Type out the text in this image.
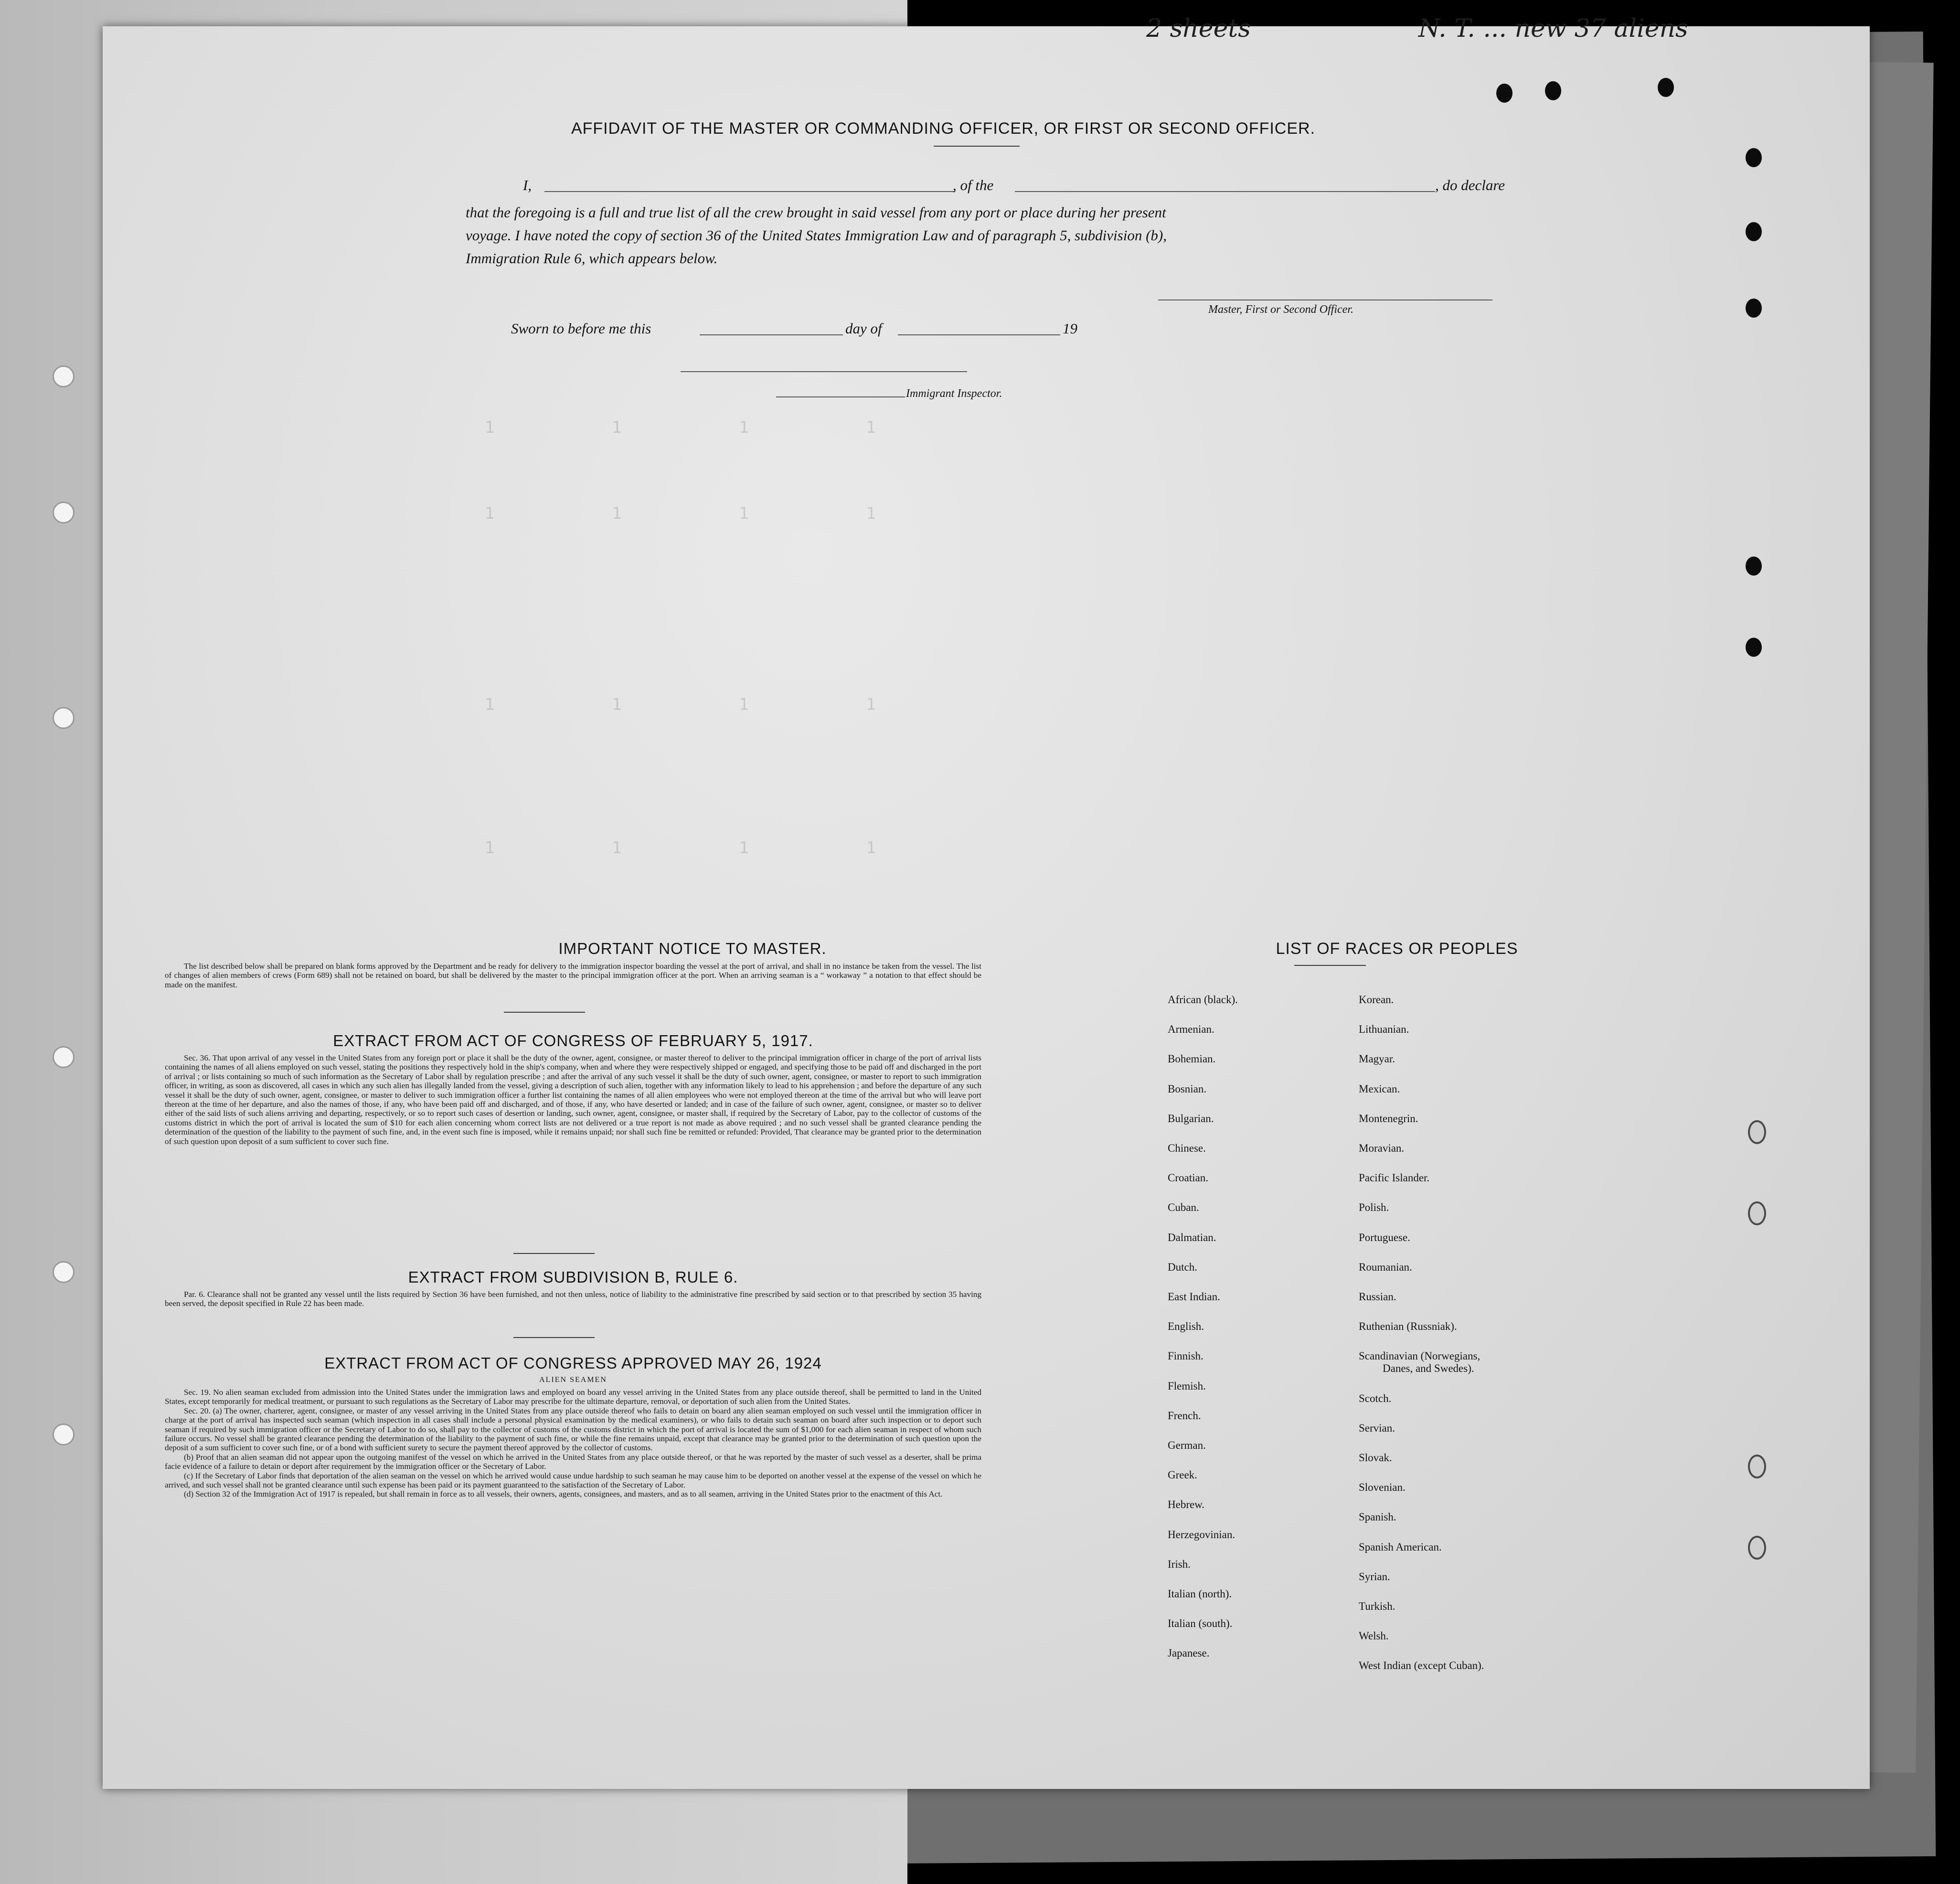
1            1            1            1
1            1            1            1
1            1            1            1
1            1            1            1
AFFIDAVIT OF THE MASTER OR COMMANDING OFFICER, OR FIRST OR SECOND OFFICER.
I,	, of the	, do declare
that the foregoing is a full and true list of all the crew brought in said vessel from any port or place during her present
voyage. I have noted the copy of section 36 of the United States Immigration Law and of paragraph 5, subdivision (b),
Immigration Rule 6, which appears below.
Master, First or Second Officer.
Sworn to before me this	day of	19
Immigrant Inspector.
IMPORTANT NOTICE TO MASTER.

The list described below shall be prepared on blank forms approved by the Department and be ready for delivery to the immigration inspector boarding the vessel at the port of arrival, and shall in no instance be taken from the vessel. The list of changes of alien members of crews (Form 689) shall not be retained on board, but shall be delivered by the master to the principal immigration officer at the port. When an arriving seaman is a “ workaway ” a notation to that effect should be made on the manifest.

EXTRACT FROM ACT OF CONGRESS OF FEBRUARY 5, 1917.

Sec. 36. That upon arrival of any vessel in the United States from any foreign port or place it shall be the duty of the owner, agent, consignee, or master thereof to deliver to the principal immigration officer in charge of the port of arrival lists containing the names of all aliens employed on such vessel, stating the positions they respectively hold in the ship's company, when and where they were respectively shipped or engaged, and specifying those to be paid off and discharged in the port of arrival ; or lists containing so much of such information as the Secretary of Labor shall by regulation prescribe ; and after the arrival of any such vessel it shall be the duty of such owner, agent, consignee, or master to report to such immigration officer, in writing, as soon as discovered, all cases in which any such alien has illegally landed from the vessel, giving a description of such alien, together with any information likely to lead to his apprehension ; and before the departure of any such vessel it shall be the duty of such owner, agent, consignee, or master to deliver to such immigration officer a further list containing the names of all alien employees who were not employed thereon at the time of the arrival but who will leave port thereon at the time of her departure, and also the names of those, if any, who have been paid off and discharged, and of those, if any, who have deserted or landed; and in case of the failure of such owner, agent, consignee, or master so to deliver either of the said lists of such aliens arriving and departing, respectively, or so to report such cases of desertion or landing, such owner, agent, consignee, or master shall, if required by the Secretary of Labor, pay to the collector of customs of the customs district in which the port of arrival is located the sum of $10 for each alien concerning whom correct lists are not delivered or a true report is not made as above required ; and no such vessel shall be granted clearance pending the determination of the question of the liability to the payment of such fine, and, in the event such fine is imposed, while it remains unpaid; nor shall such fine be remitted or refunded: Provided, That clearance may be granted prior to the determination of such question upon deposit of a sum sufficient to cover such fine.

EXTRACT FROM SUBDIVISION B, RULE 6.

Par. 6. Clearance shall not be granted any vessel until the lists required by Section 36 have been furnished, and not then unless, notice of liability to the administrative fine prescribed by said section or to that prescribed by section 35 having been served, the deposit specified in Rule 22 has been made.

EXTRACT FROM ACT OF CONGRESS APPROVED MAY 26, 1924
ALIEN SEAMEN

Sec. 19. No alien seaman excluded from admission into the United States under the immigration laws and employed on board any vessel arriving in the United States from any place outside thereof, shall be permitted to land in the United States, except temporarily for medical treatment, or pursuant to such regulations as the Secretary of Labor may prescribe for the ultimate departure, removal, or deportation of such alien from the United States.

Sec. 20. (a) The owner, charterer, agent, consignee, or master of any vessel arriving in the United States from any place outside thereof who fails to detain on board any alien seaman employed on such vessel until the immigration officer in charge at the port of arrival has inspected such seaman (which inspection in all cases shall include a personal physical examination by the medical examiners), or who fails to detain such seaman on board after such inspection or to deport such seaman if required by such immigration officer or the Secretary of Labor to do so, shall pay to the collector of customs of the customs district in which the port of arrival is located the sum of $1,000 for each alien seaman in respect of whom such failure occurs. No vessel shall be granted clearance pending the determination of the liability to the payment of such fine, or while the fine remains unpaid, except that clearance may be granted prior to the determination of such question upon the deposit of a sum sufficient to cover such fine, or of a bond with sufficient surety to secure the payment thereof approved by the collector of customs.

(b) Proof that an alien seaman did not appear upon the outgoing manifest of the vessel on which he arrived in the United States from any place outside thereof, or that he was reported by the master of such vessel as a deserter, shall be prima facie evidence of a failure to detain or deport after requirement by the immigration officer or the Secretary of Labor.

(c) If the Secretary of Labor finds that deportation of the alien seaman on the vessel on which he arrived would cause undue hardship to such seaman he may cause him to be deported on another vessel at the expense of the vessel on which he arrived, and such vessel shall not be granted clearance until such expense has been paid or its payment guaranteed to the satisfaction of the Secretary of Labor.

(d) Section 32 of the Immigration Act of 1917 is repealed, but shall remain in force as to all vessels, their owners, agents, consignees, and masters, and as to all seamen, arriving in the United States prior to the enactment of this Act.

LIST OF RACES OR PEOPLES
African (black).
Armenian.
Bohemian.
Bosnian.
Bulgarian.
Chinese.
Croatian.
Cuban.
Dalmatian.
Dutch.
East Indian.
English.
Finnish.
Flemish.
French.
German.
Greek.
Hebrew.
Herzegovinian.
Irish.
Italian (north).
Italian (south).
Japanese.
Korean.
Lithuanian.
Magyar.
Mexican.
Montenegrin.
Moravian.
Pacific Islander.
Polish.
Portuguese.
Roumanian.
Russian.
Ruthenian (Russniak).
Scandinavian (Norwegians,
Danes, and Swedes).
Scotch.
Servian.
Slovak.
Slovenian.
Spanish.
Spanish American.
Syrian.
Turkish.
Welsh.
West Indian (except Cuban).
2 sheets	N. T. ... new 37 aliens
